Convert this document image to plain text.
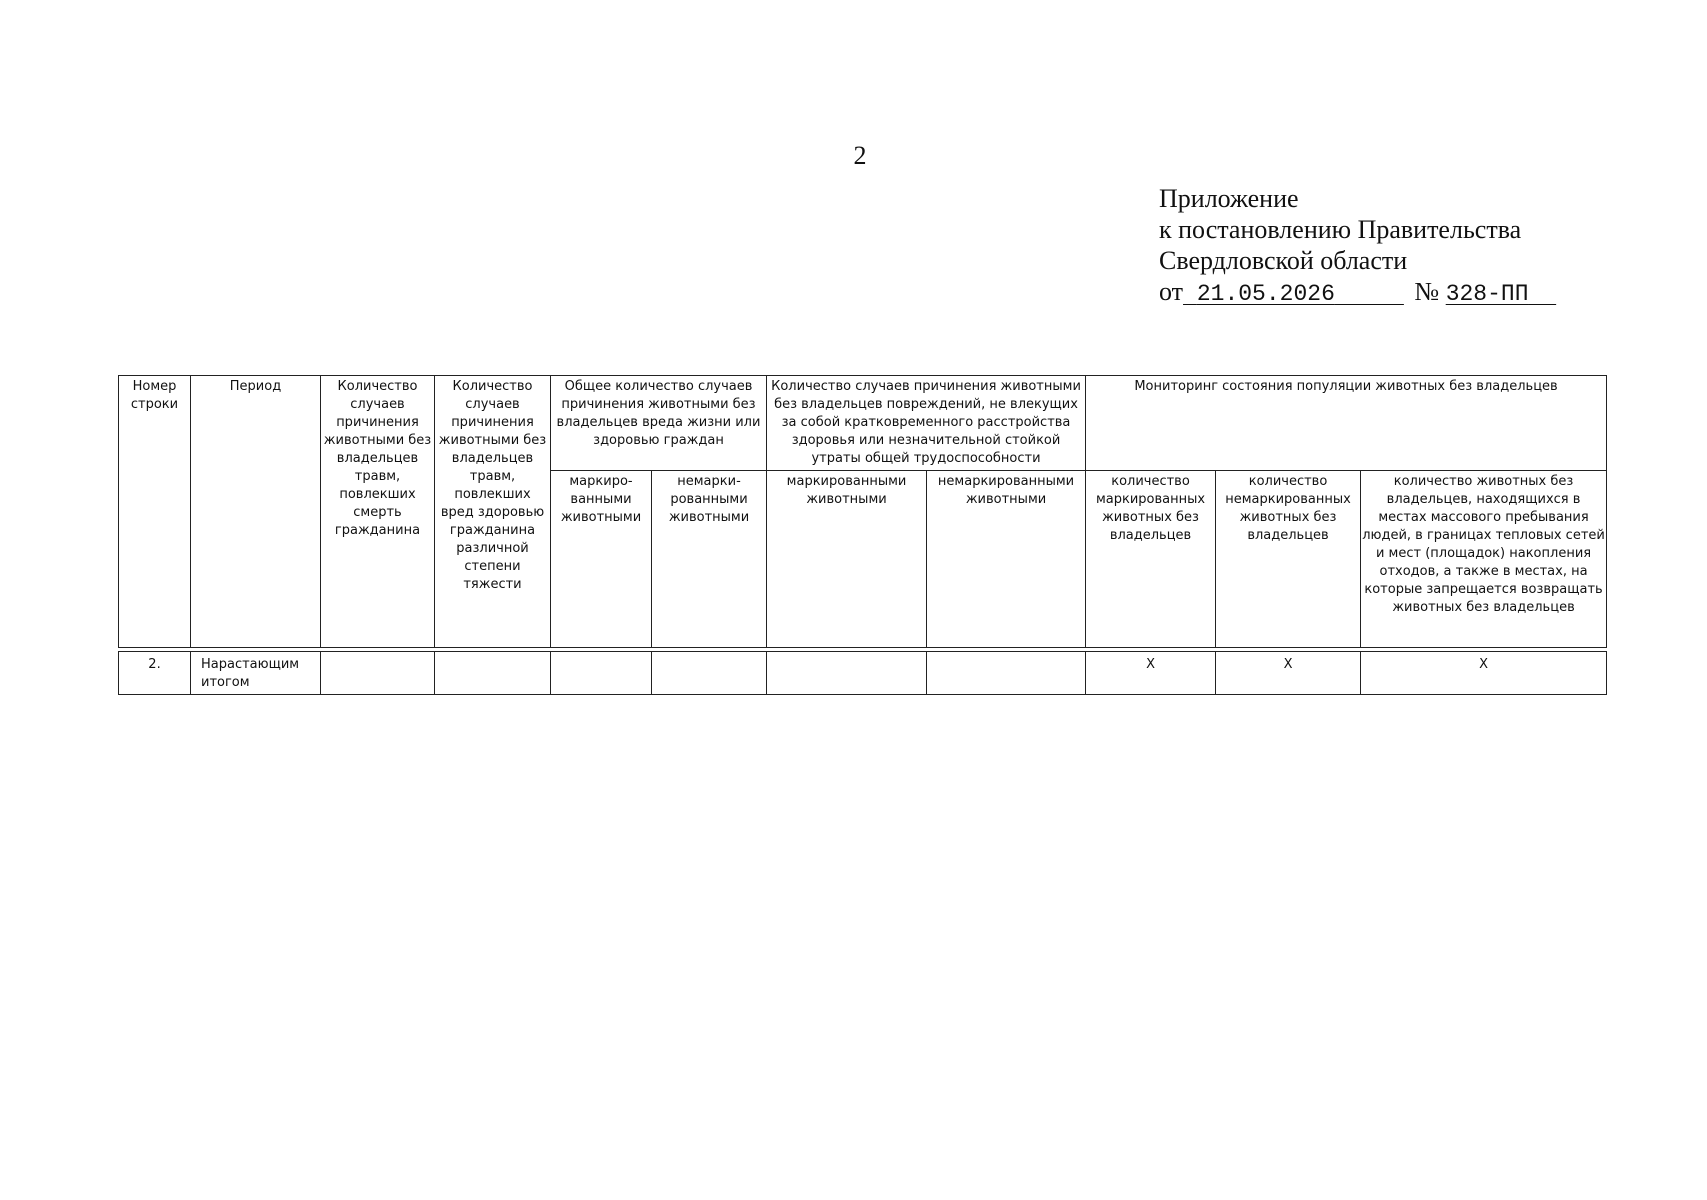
2
Приложение
к постановлению Правительства
Свердловской области
от 21.05.2026	№ 328-ПП
Номер строки	Период	Количество случаев причинения животными без владельцев травм, повлекших смерть гражданина	Количество случаев причинения животными без владельцев травм, повлекших вред здоровью гражданина различной степени тяжести	Общее количество случаев причинения животными без владельцев вреда жизни или здоровью граждан		Количество случаев причинения животными без владельцев повреждений, не влекущих за собой кратковременного расстройства здоровья или незначительной стойкой утраты общей трудоспособности		Мониторинг состояния популяции животных без владельцев		
				маркиро-ванными животными	немарки-рованными животными	маркированными животными	немаркированными животными	количество маркированных животных без владельцев	количество немаркированных животных без владельцев	количество животных без владельцев, находящихся в местах массового пребывания людей, в границах тепловых сетей и мест (площадок) накопления отходов, а также в местах, на которые запрещается возвращать животных без владельцев

2.	Нарастающим итогом							X	X	X
